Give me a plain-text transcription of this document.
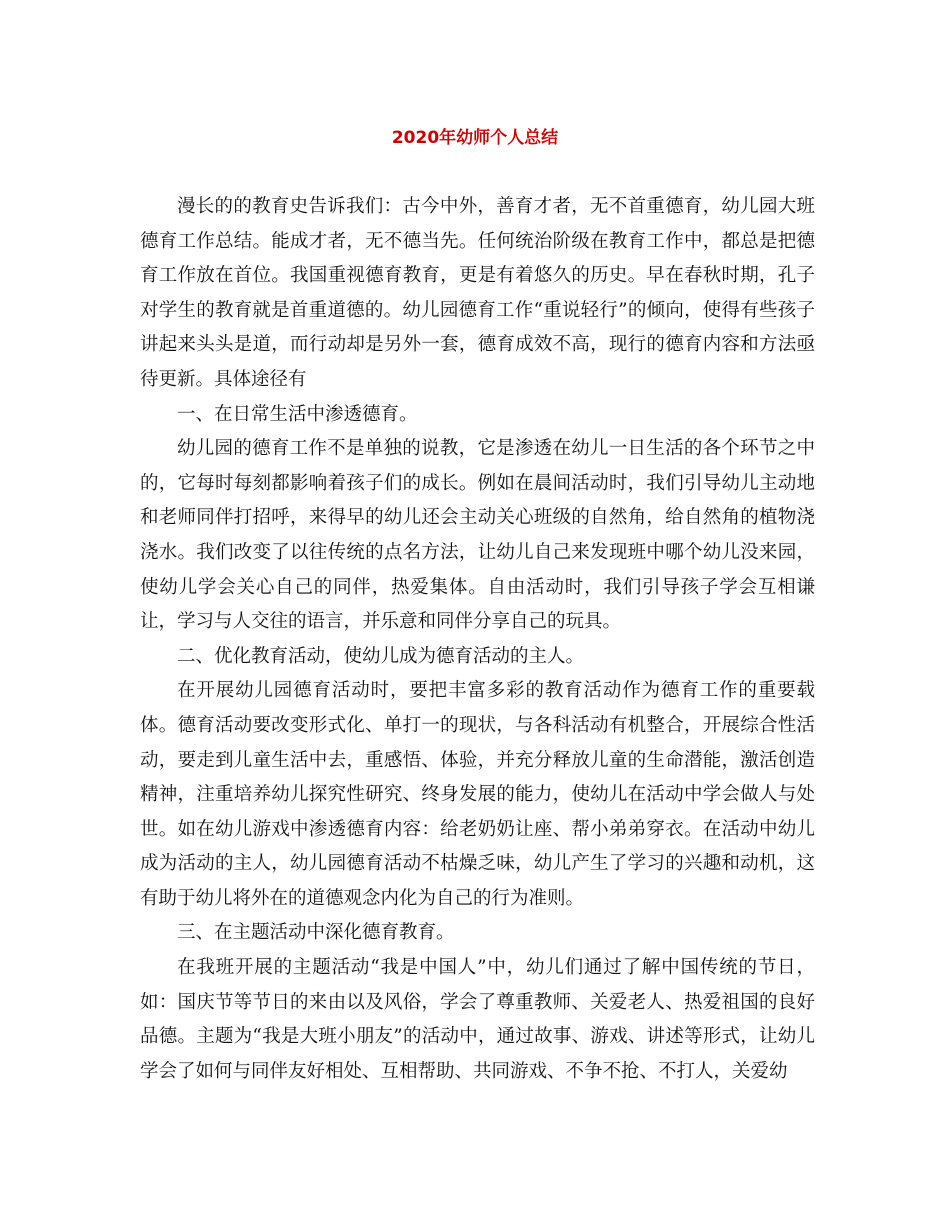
2020年幼师个人总结

漫长的的教育史告诉我们：古今中外，善育才者，无不首重德育，幼儿园大班德育工作总结。能成才者，无不德当先。任何统治阶级在教育工作中，都总是把德育工作放在首位。我国重视德育教育，更是有着悠久的历史。早在春秋时期，孔子对学生的教育就是首重道德的。幼儿园德育工作“重说轻行”的倾向，使得有些孩子讲起来头头是道，而行动却是另外一套，德育成效不高，现行的德育内容和方法亟待更新。具体途径有

一、在日常生活中渗透德育。

幼儿园的德育工作不是单独的说教，它是渗透在幼儿一日生活的各个环节之中的，它每时每刻都影响着孩子们的成长。例如在晨间活动时，我们引导幼儿主动地和老师同伴打招呼，来得早的幼儿还会主动关心班级的自然角，给自然角的植物浇浇水。我们改变了以往传统的点名方法，让幼儿自己来发现班中哪个幼儿没来园，使幼儿学会关心自己的同伴，热爱集体。自由活动时，我们引导孩子学会互相谦让，学习与人交往的语言，并乐意和同伴分享自己的玩具。

二、优化教育活动，使幼儿成为德育活动的主人。

在开展幼儿园德育活动时，要把丰富多彩的教育活动作为德育工作的重要载体。德育活动要改变形式化、单打一的现状，与各科活动有机整合，开展综合性活动，要走到儿童生活中去，重感悟、体验，并充分释放儿童的生命潜能，激活创造精神，注重培养幼儿探究性研究、终身发展的能力，使幼儿在活动中学会做人与处世。如在幼儿游戏中渗透德育内容：给老奶奶让座、帮小弟弟穿衣。在活动中幼儿成为活动的主人，幼儿园德育活动不枯燥乏味，幼儿产生了学习的兴趣和动机，这有助于幼儿将外在的道德观念内化为自己的行为准则。

三、在主题活动中深化德育教育。

在我班开展的主题活动“我是中国人”中，幼儿们通过了解中国传统的节日，如：国庆节等节日的来由以及风俗，学会了尊重教师、关爱老人、热爱祖国的良好品德。主题为“我是大班小朋友”的活动中，通过故事、游戏、讲述等形式，让幼儿学会了如何与同伴友好相处、互相帮助、共同游戏、不争不抢、不打人，关爱幼
